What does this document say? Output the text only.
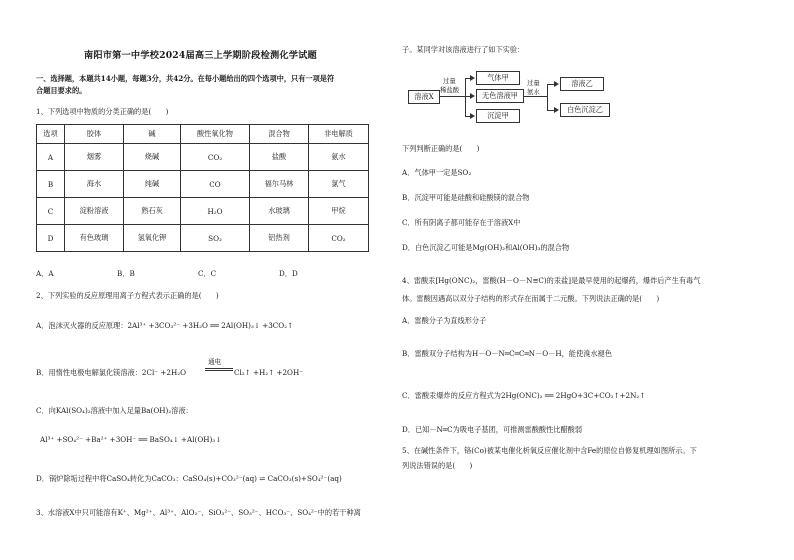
南阳市第一中学校2024届高三上学期阶段检测化学试题
一、选择题，本题共14小题，每题3分，共42分。在每小题给出的四个选项中，只有一项是符
合题目要求的。
1、下列选项中物质的分类正确的是(　　)
选项	胶体	碱	酸性氧化物	混合物	非电解质
A	烟雾	烧碱	CO₂	盐酸	氨水
B	海水	纯碱	CO	福尔马林	氯气
C	淀粉溶液	熟石灰	H₂O	水玻璃	甲烷
D	有色玻璃	氢氧化钾	SO₂	铝热剂	CO₂
A．A	B．B	C．C	D．D
2、下列实验的反应原理用离子方程式表示正确的是(　　)
A．泡沫灭火器的反应原理：2Al³⁺ +3CO₃²⁻ +3H₂O ══ 2Al(OH)₃↓ +3CO₂↑
B．用惰性电极电解氯化镁溶液：2Cl⁻ +2H₂O
通电
Cl₂↑ +H₂↑ +2OH⁻
C．向KAl(SO₄)₂溶液中加入足量Ba(OH)₂溶液：
Al³⁺ +SO₄²⁻ +Ba²⁺ +3OH⁻ ══ BaSO₄↓ +Al(OH)₃↓
D．锅炉除垢过程中将CaSO₄转化为CaCO₃：CaSO₄(s)+CO₃²⁻(aq) ⇌ CaCO₃(s)+SO₄²⁻(aq)
3、水溶液X中只可能溶有K⁺、Mg²⁺、Al³⁺、AlO₂⁻、SiO₃²⁻、SO₃²⁻、HCO₃⁻、SO₄²⁻中的若干种离
子。某同学对该溶液进行了如下实验：
溶液X
过量
稀盐酸
气体甲
无色溶液甲
沉淀甲
过量
氨水
溶液乙
白色沉淀乙
下列判断正确的是(　　)
A．气体甲一定是SO₂
B．沉淀甲可能是硅酸和硅酸镁的混合物
C．所有阴离子都可能存在于溶液X中
D．白色沉淀乙可能是Mg(OH)₂和Al(OH)₃的混合物
4、雷酸汞[Hg(ONC)₂，雷酸(H－O－N≡C)的汞盐]是最早使用的起爆药，爆炸后产生有毒气
体。雷酸因遇高以双分子结构的形式存在而属于二元酸。下列说法正确的是(　　)
A．雷酸分子为直线形分子
B．雷酸双分子结构为H－O－N═C═C═N－O－H，能使溴水褪色
C．雷酸汞爆炸的反应方程式为2Hg(ONC)₂ ══ 2HgO+3C+CO₂↑+2N₂↑
D．已知－N═C为吸电子基团，可推测雷酸酸性比醋酸弱
5、在碱性条件下，铬(Co)被某电催化析氧反应催化剂中含Fe的原位自修复机理如图所示。下
列说法错误的是(　　)
